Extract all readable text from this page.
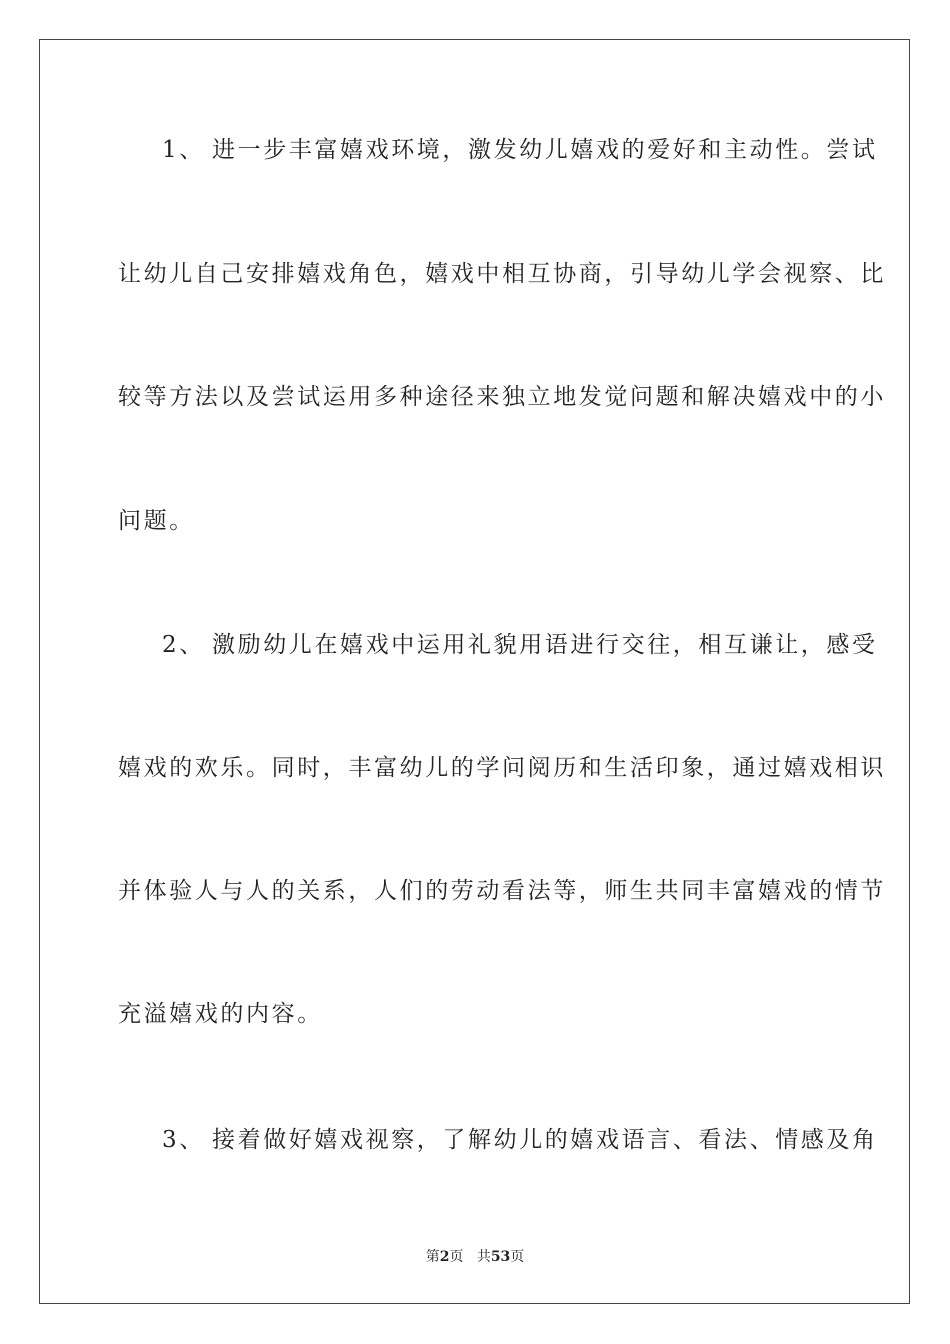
1、 进一步丰富嬉戏环境，激发幼儿嬉戏的爱好和主动性。尝试
让幼儿自己安排嬉戏角色，嬉戏中相互协商，引导幼儿学会视察、比
较等方法以及尝试运用多种途径来独立地发觉问题和解决嬉戏中的小
问题。
2、 激励幼儿在嬉戏中运用礼貌用语进行交往，相互谦让，感受
嬉戏的欢乐。同时，丰富幼儿的学问阅历和生活印象，通过嬉戏相识
并体验人与人的关系，人们的劳动看法等，师生共同丰富嬉戏的情节
充溢嬉戏的内容。
3、 接着做好嬉戏视察，了解幼儿的嬉戏语言、看法、情感及角
第2页 共53页
